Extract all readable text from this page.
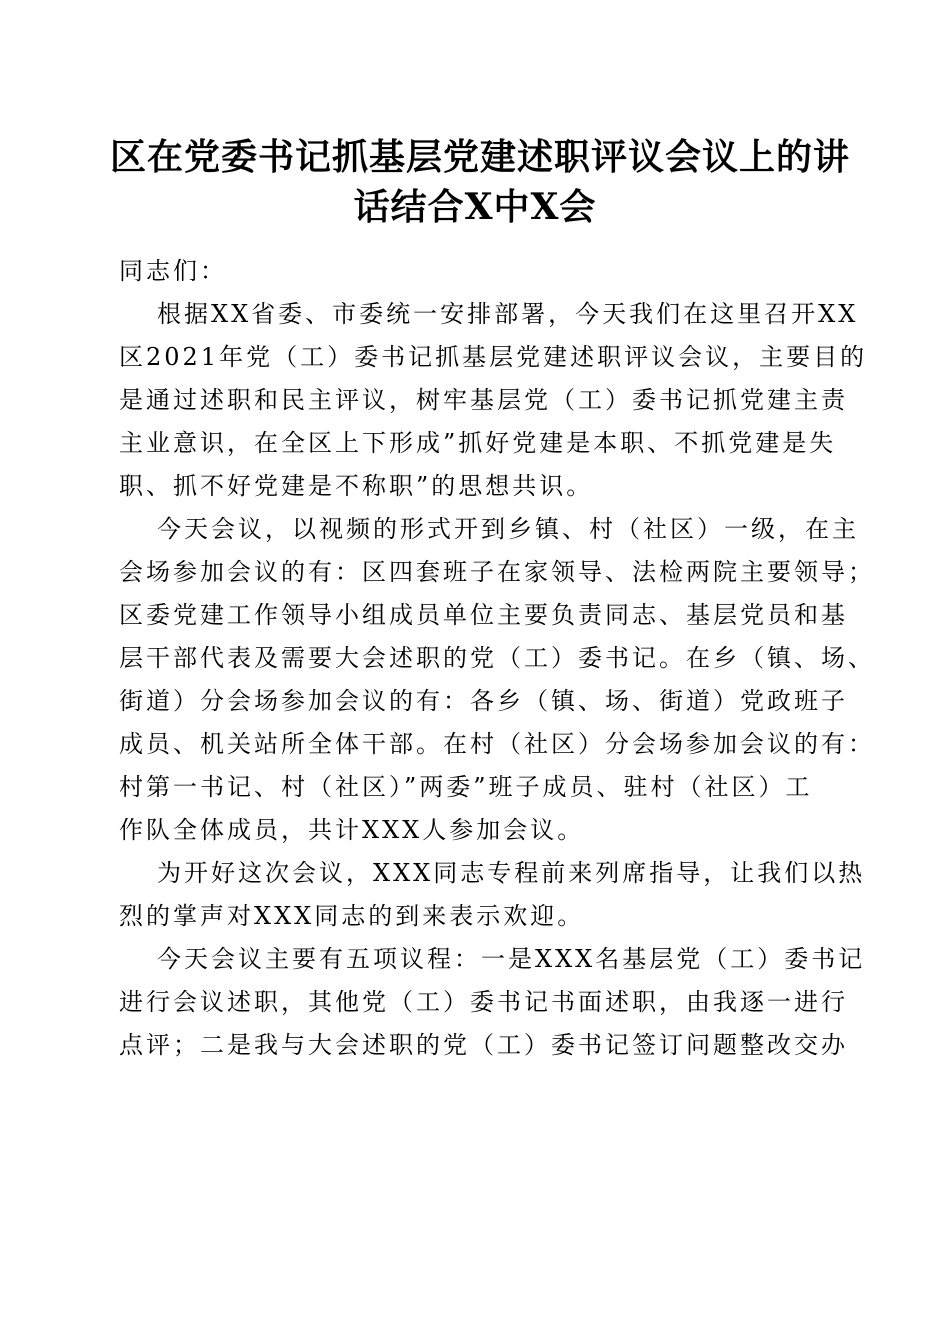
区在党委书记抓基层党建述职评议会议上的讲
话结合X中X会

同志们：

根据XX省委、市委统一安排部署，今天我们在这里召开XX
区2021年党（工）委书记抓基层党建述职评议会议，主要目的
是通过述职和民主评议，树牢基层党（工）委书记抓党建主责
主业意识，在全区上下形成”抓好党建是本职、不抓党建是失
职、抓不好党建是不称职”的思想共识。

今天会议，以视频的形式开到乡镇、村（社区）一级，在主
会场参加会议的有：区四套班子在家领导、法检两院主要领导；
区委党建工作领导小组成员单位主要负责同志、基层党员和基
层干部代表及需要大会述职的党（工）委书记。在乡（镇、场、
街道）分会场参加会议的有：各乡（镇、场、街道）党政班子
成员、机关站所全体干部。在村（社区）分会场参加会议的有：
村第一书记、村（社区）”两委”班子成员、驻村（社区）工
作队全体成员，共计XXX人参加会议。

为开好这次会议，XXX同志专程前来列席指导，让我们以热
烈的掌声对XXX同志的到来表示欢迎。

今天会议主要有五项议程：一是XXX名基层党（工）委书记
进行会议述职，其他党（工）委书记书面述职，由我逐一进行
点评；二是我与大会述职的党（工）委书记签订问题整改交办
